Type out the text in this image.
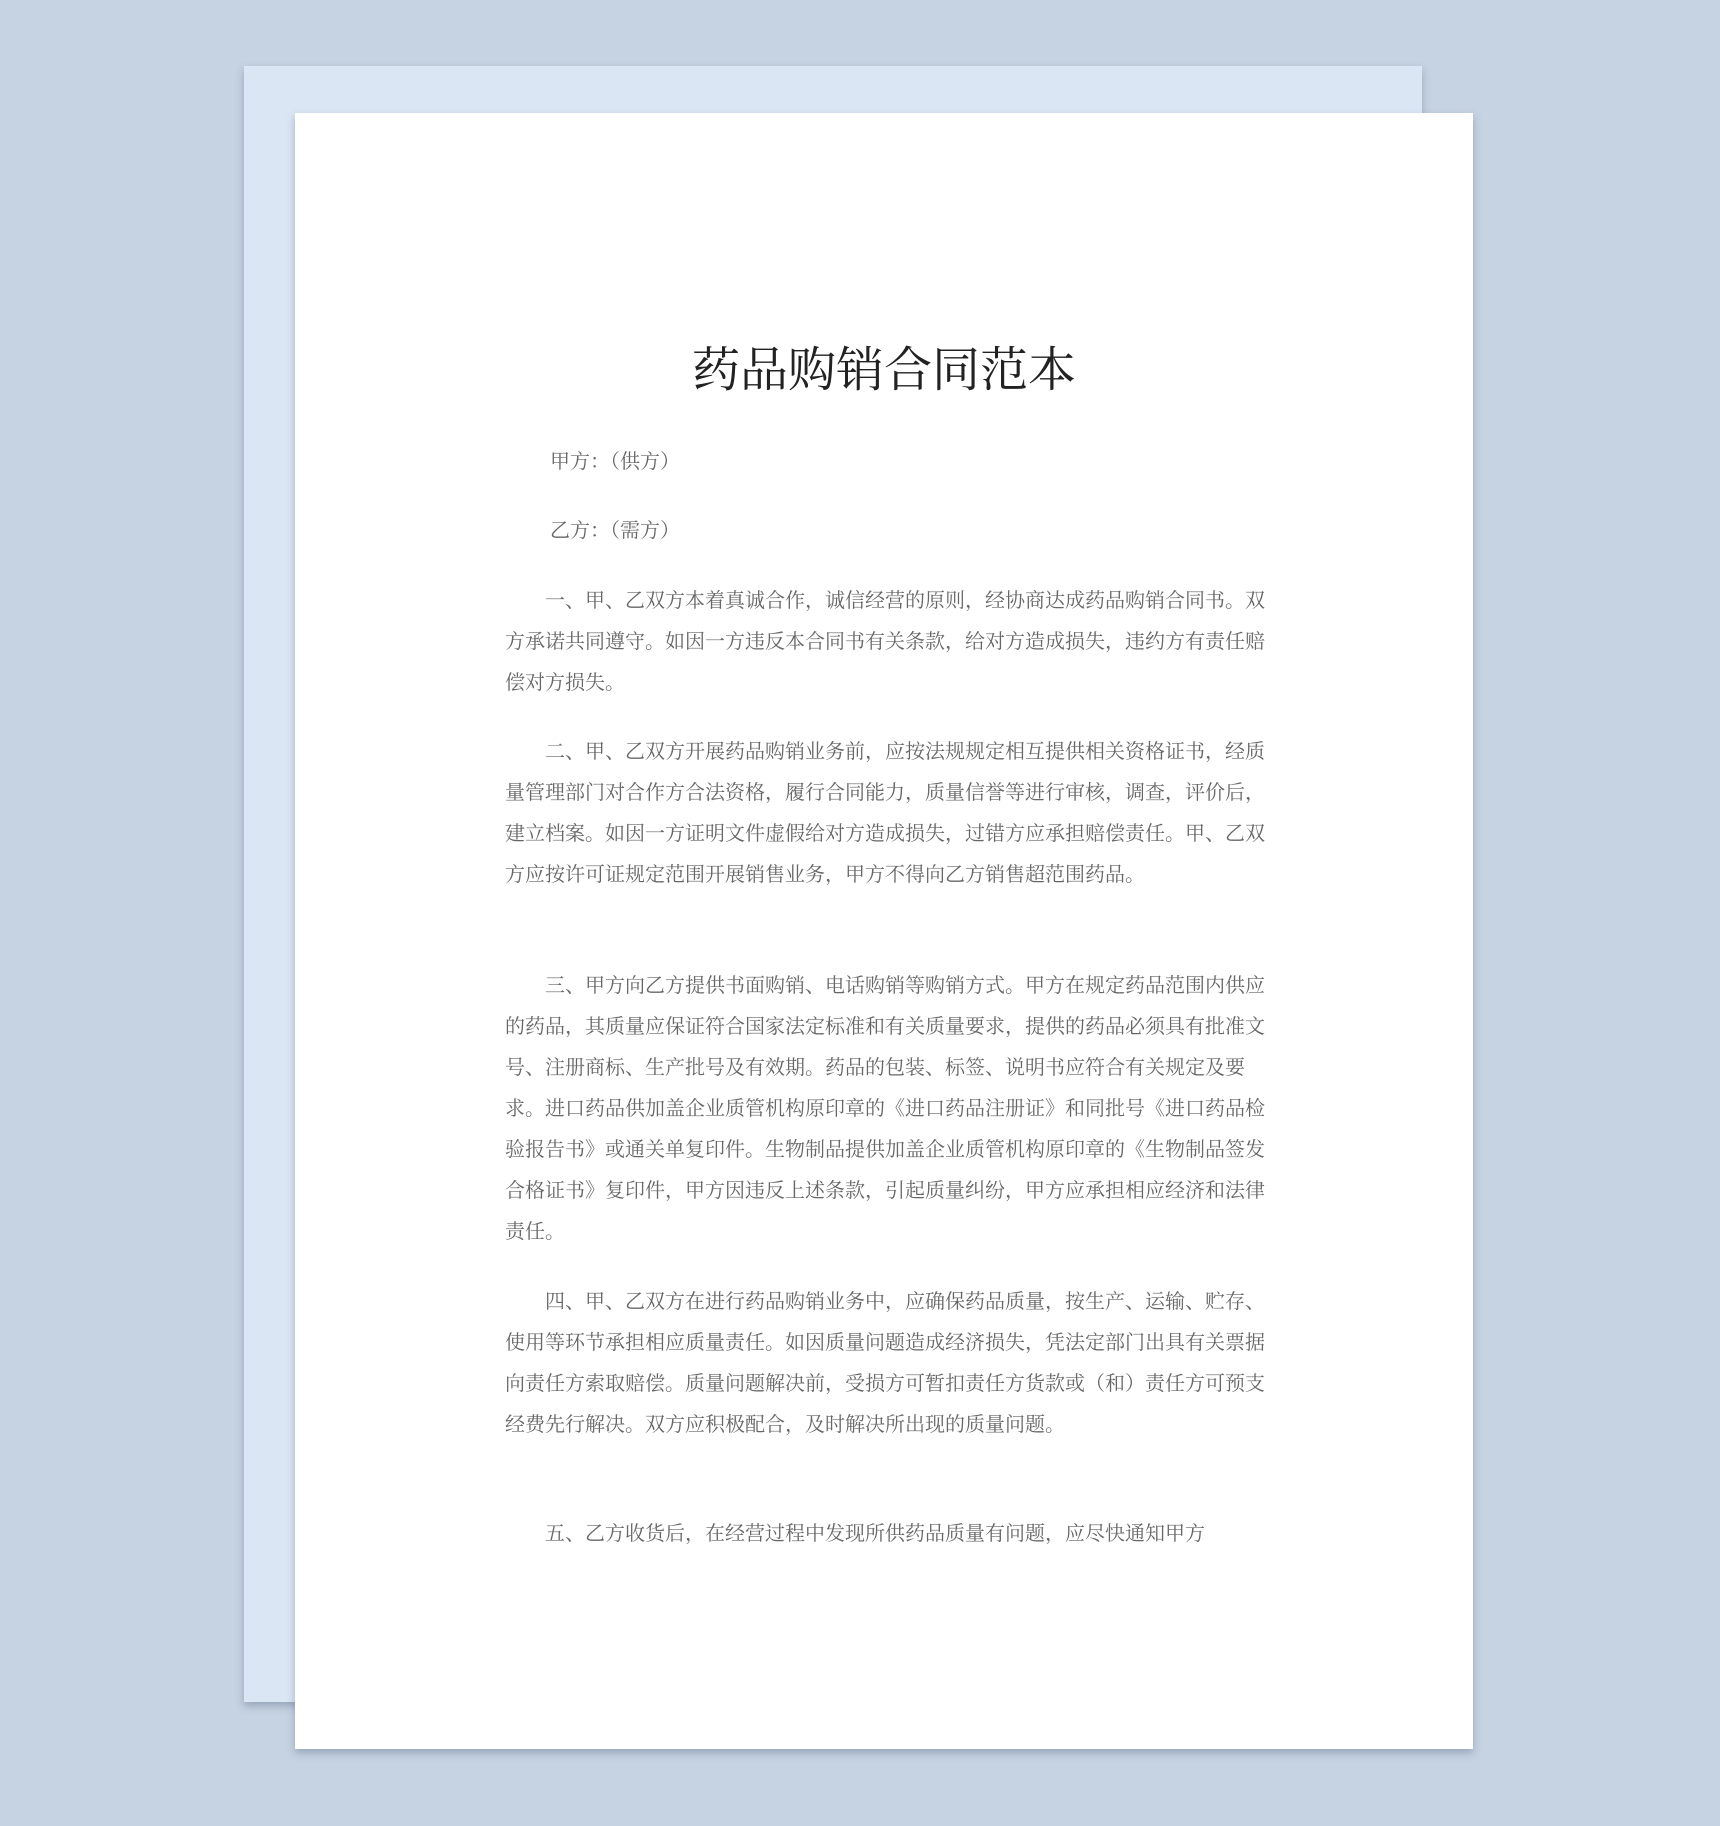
药品购销合同范本
甲方：（供方）
乙方：（需方）

一、甲、乙双方本着真诚合作，诚信经营的原则，经协商达成药品购销合同书。双方承诺共同遵守。如因一方违反本合同书有关条款，给对方造成损失，违约方有责任赔偿对方损失。

二、甲、乙双方开展药品购销业务前，应按法规规定相互提供相关资格证书，经质量管理部门对合作方合法资格，履行合同能力，质量信誉等进行审核，调查，评价后，建立档案。如因一方证明文件虚假给对方造成损失，过错方应承担赔偿责任。甲、乙双方应按许可证规定范围开展销售业务，甲方不得向乙方销售超范围药品。

三、甲方向乙方提供书面购销、电话购销等购销方式。甲方在规定药品范围内供应的药品，其质量应保证符合国家法定标准和有关质量要求，提供的药品必须具有批准文号、注册商标、生产批号及有效期。药品的包装、标签、说明书应符合有关规定及要求。进口药品供加盖企业质管机构原印章的《进口药品注册证》和同批号《进口药品检验报告书》或通关单复印件。生物制品提供加盖企业质管机构原印章的《生物制品签发合格证书》复印件，甲方因违反上述条款，引起质量纠纷，甲方应承担相应经济和法律责任。

四、甲、乙双方在进行药品购销业务中，应确保药品质量，按生产、运输、贮存、使用等环节承担相应质量责任。如因质量问题造成经济损失，凭法定部门出具有关票据向责任方索取赔偿。质量问题解决前，受损方可暂扣责任方货款或（和）责任方可预支经费先行解决。双方应积极配合，及时解决所出现的质量问题。

五、乙方收货后，在经营过程中发现所供药品质量有问题，应尽快通知甲方
